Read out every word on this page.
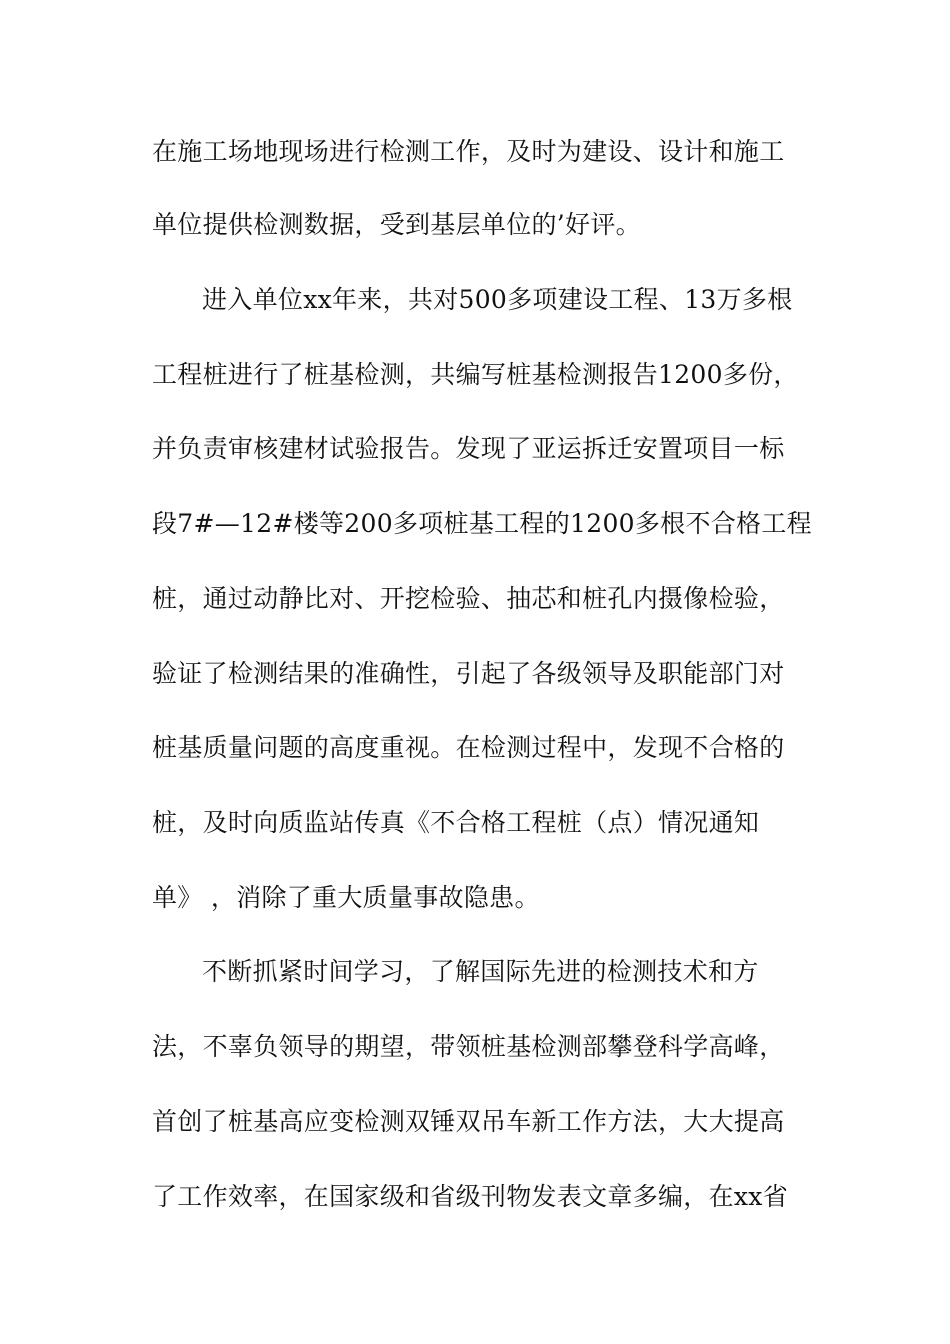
在施工场地现场进行检测工作，及时为建设、设计和施工
单位提供检测数据，受到基层单位的’好评。
进入单位xx年来，共对500多项建设工程、13万多根
工程桩进行了桩基检测，共编写桩基检测报告1200多份，
并负责审核建材试验报告。发现了亚运拆迁安置项目一标
段7#—12#楼等200多项桩基工程的1200多根不合格工程
桩，通过动静比对、开挖检验、抽芯和桩孔内摄像检验，
验证了检测结果的准确性，引起了各级领导及职能部门对
桩基质量问题的高度重视。在检测过程中，发现不合格的
桩，及时向质监站传真《不合格工程桩（点）情况通知
单》 ，消除了重大质量事故隐患。
不断抓紧时间学习，了解国际先进的检测技术和方
法，不辜负领导的期望，带领桩基检测部攀登科学高峰，
首创了桩基高应变检测双锤双吊车新工作方法，大大提高
了工作效率，在国家级和省级刊物发表文章多编，在xx省
